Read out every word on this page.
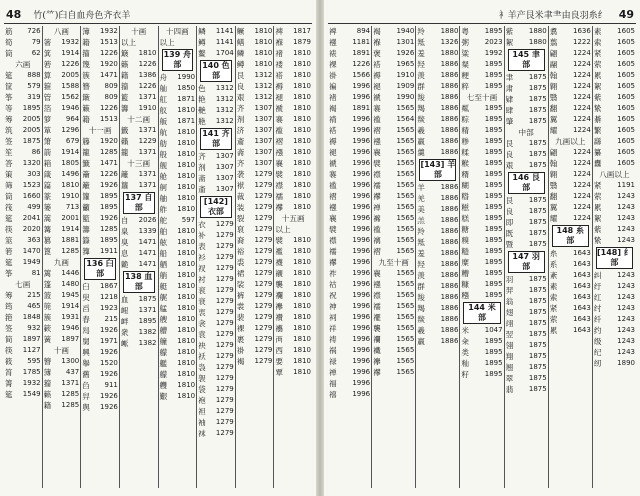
48 竹(⺮)臼自血舟色齐衣羊
筋 726
筍	79
筒	62
六画
筵 888
筐 579
筝 319
等 1895
筹 2005
筑 2005
签 1875
笙	86
答 1320
策 303
筛 1523
筒 1660
筏 499
筵 2041
筷 2020
筮 363
箬 1470
筵 1949
筝	81
七画
筹 215
筠 465
筢 1848
签 932
简 1897
筷 1127
筱 595
筲 1785
箐 1932
筵 1549
八画
箸 1932
箕 1914
箬 1226
算 2005
箍 1588
管 1562
箔 1946
箩 964
箪 1296
箫 679
箭 1914
箱 1805
箴 1496
篇 1810
篆 1910
篓 713
篙 2001
篝 1914
篡 1881
篦 1285
九画
篱 1446
篷 1480
篮 1945
篼 1914
簇 1931
簌 1946
簧 1897
十画
簪 1300
簿 437
籀 1371
籁 1285
籍 1285
簿 1932
籍 1513
籀 1226
篾 1920
簇 1471
簪 809
簸 809
籁 1226
籍 1513
十一画
籐 1920
籠 1285
籤 1471
籥 1226
籬 1926
籮 1895
籲 1895
籃 1926
籌 1285
籙 1895
籜 1911
136 臼部
臼 1867
臾 1218
舀 1923
舂 215
舄 1926
舅 1971
興 1926
舉 1520
舊 1926
臽 911
舁 1926
舆 1926
十画
以上
簸 1810
籁 1226
籍 1386
籀 1226
籃 1371
籌 1910
十二画
籤 1371
籟 1229
籠 1371
十三画
籬 1371
籮 1371
137 自部
自 2026
臬 1339
臭 1471
息 1471
臲 1471
138 血部
血 1875
衄 1371
衅 1895
衆 1382
衇 1382
十四画
以上
139 舟部
舟 1990
舢 1850
舡 1871
舣 1810
舨 1871
航 1810
舫 1810
般 1810
舰 1810
舱 1810
舸 1810
舳 1810
舴 1810
舵 597
舶 1810
舷 1810
船 1810
舾 1810
艄 1810
艇 1810
艉 1810
艋 1810
艘 1810
艚 1810
艟 1810
艨 1810
艦 1810
艨 1810
艭 1810
艱 1810
鳞 1141
鳟 1141
鳌 1704
140 色部
色 1312
艳 1312
艴 1312
艵 1312
141 齐部
齐 1307
剂 1307
斋 1307
齑 1307
[142] 衣部
衣 1279
补 1279
表 1279
衫 1279
衩 1279
衬 1279
衮 1279
衰 1279
衷 1279
衾 1279
袁 1279
袂 1279
袄 1279
袅 1279
袈 1279
袋 1279
袍 1279
袒 1279
袖 1279
袜 1279
鳜 1810
鳝 1810
鳞 1810
鳟 1810
艮 1312
良 1312
艰 1312
齐 1307
剂 1307
济 1307
齑 1307
斋 1307
齐 1307
袭 1279
袱 1279
裁 1279
装 1279
裂 1279
裒 1279
裔 1279
裕 1279
裘 1279
裙 1279
裟 1279
裤 1279
裳 1279
裴 1279
裸 1279
裹 1279
褂 1279
褐 1279
裨 1817
褓 1879
褚 1810
褛 1810
褡 1810
褥 1810
褪 1810
褫 1810
褰 1810
褴 1810
褶 1810
襁 1810
襄 1810
襞 1810
襟 1810
襦 1810
襻 1810
十五画
以上
襞 1810
襤 1810
襪 1810
襯 1810
襲 1810
襴 1810
襷 1810
襸 1810
襼 1810
襾 1810
西 1810
要 1810
覃 1810
衤羊产艮米聿⺻由良羽糸纟 49
裨	894
襁 1181
裱 1891
裸 1226
褂 1566
褊 1996
褚 1996
褐 1891
褙 1996
褡 1996
褥 1996
褪 1996
褫 1996
褰 1996
褴 1996
褶 1996
襁 1996
襄 1996
襞 1996
襟 1996
襦 1996
襻 1996
祚 1996
祜 1996
祝 1996
神 1996
祠 1996
祥 1996
祷 1996
祸 1996
禄 1996
禅 1996
福 1996
禧 1996
褐 1940
褓 1301
褒 1926
褡 1965
褥 1910
褪 1909
褫 1990
褰 1565
褴 1564
褶 1565
襁 1565
襄 1565
襞 1565
襟 1565
襦 1565
襻 1565
禅 1565
褯 1565
褴 1565
褵 1565
褶 1565
九至十画
襄 1565
襁 1565
襟 1565
襦 1565
襬 1565
襲 1565
襴 1565
襶 1565
襷 1565
襻 1565
羚 1880
羝 1326
羞 1880
羟 1886
羡 1886
群 1886
羧 1886
羯 1886
羰 1886
羲 1886
羸 1886
羹 1886
[143] 羊部
羊 1886
羌 1886
美 1886
羔 1886
羚 1886
羝 1886
羞 1886
羟 1886
羡 1886
群 1886
羧 1886
羯 1886
羰 1886
羲 1886
羸 1886
粤 1895
粥 2023
粱 1992
粲 1895
粳 1895
粹 1895
七至十画
粼 1895
粽 1895
精 1895
糁 1895
糅 1895
糇 1895
糈 1895
糊 1895
糌 1895
糍 1895
糕 1895
糖 1895
糗 1895
糙 1895
糜 1895
糟 1895
糠 1895
糨 1895
144 米部
米 1047
籴 1895
类 1895
籼 1895
籽 1895
紫 1880
絮 1880
145 聿部
聿 1875
肃 1875
肄 1875
肆 1875
肇 1875
中部
艮 1875
良 1875
艰 1875
146 艮部
艮 1875
良 1875
即 1875
既 1875
暨 1875
147 羽部
羽 1875
羿 1875
翁 1875
翅 1875
翊 1875
翌 1875
翎 1875
翔 1875
翘 1875
翠 1875
翡 1875
翥 1636
翦 1222
翩 1224
翮 1224
翰 1224
翱 1224
翳 1224
翻 1224
翼 1224
耀 1224
九画以上
翩 1224
翰 1224
翱 1224
翳 1224
翻 1224
翼 1224
耀 1224
148 糸部
糸 1643
系 1643
紊 1643
素 1643
索 1643
紧 1643
萦 1643
累 1643
素 1605
索 1605
紧 1605
萦 1605
累 1605
絮 1605
紫 1605
絷 1605
綦 1605
繁 1605
繇 1605
纂 1605
纛 1605
八画以上
紧 1191
萦 1243
累 1243
絮 1243
紫 1243
絷 1243
[148] 纟部
纠 1243
纡 1243
红 1243
纣 1243
纤 1243
约 1243
级 1243
纪 1243
纫 1890
